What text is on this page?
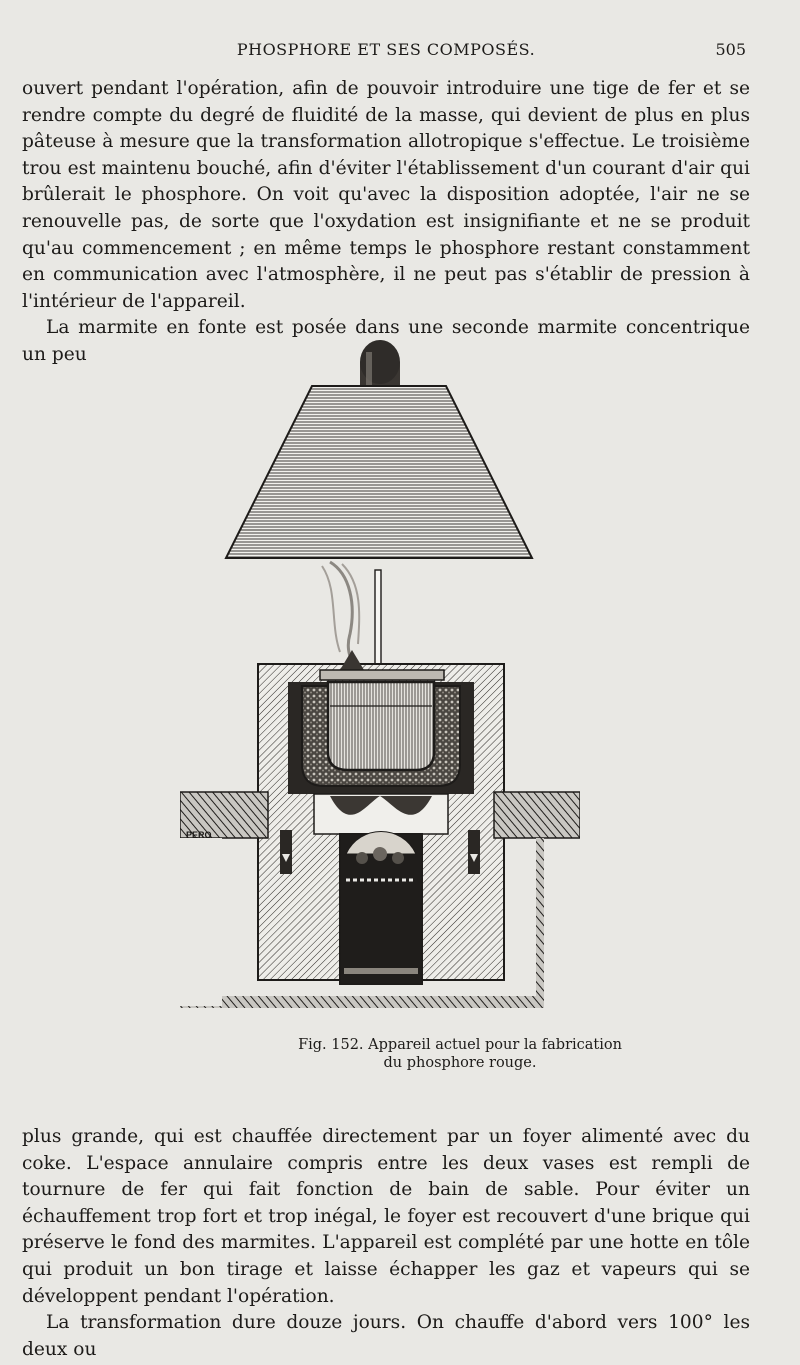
PHOSPHORE ET SES COMPOSÉS.	505

ouvert pendant l'opération, afin de pouvoir introduire une tige de fer et se rendre compte du degré de fluidité de la masse, qui devient de plus en plus pâteuse à mesure que la transformation allotropique s'effectue. Le troisième trou est maintenu bouché, afin d'éviter l'établissement d'un courant d'air qui brûlerait le phosphore. On voit qu'avec la disposition adoptée, l'air ne se renouvelle pas, de sorte que l'oxydation est insignifiante et ne se produit qu'au commencement ; en même temps le phosphore restant constamment en communication avec l'atmosphère, il ne peut pas s'établir de pression à l'intérieur de l'appareil.

La marmite en fonte est posée dans une seconde marmite concentrique un peu

PERO
Fig. 152. Appareil actuel pour la fabrication
du phosphore rouge.

plus grande, qui est chauffée directement par un foyer alimenté avec du coke. L'espace annulaire compris entre les deux vases est rempli de tournure de fer qui fait fonction de bain de sable. Pour éviter un échauffement trop fort et trop inégal, le foyer est recouvert d'une brique qui préserve le fond des marmites. L'appareil est complété par une hotte en tôle qui produit un bon tirage et laisse échapper les gaz et vapeurs qui se développent pendant l'opération.

La transformation dure douze jours. On chauffe d'abord vers 100° les deux ou
